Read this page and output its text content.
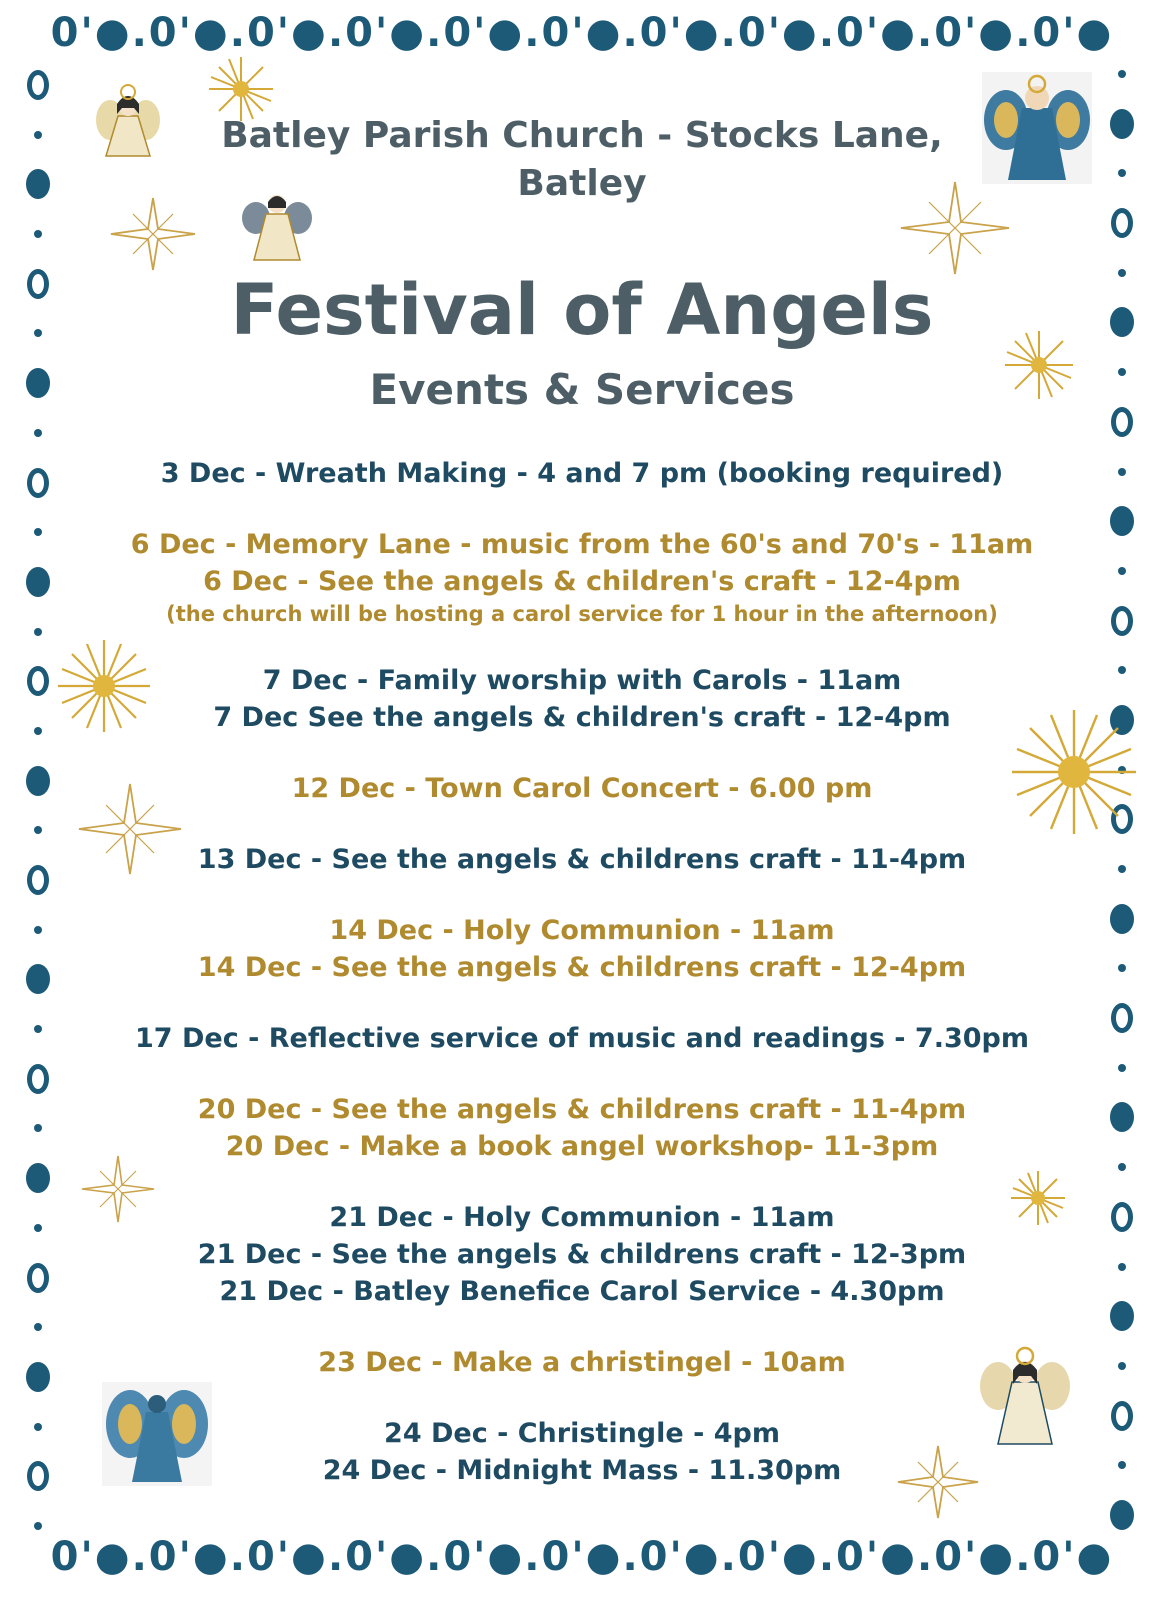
0'●.0'●.0'●.0'●.0'●.0'●.0'●.0'●.0'●.0'●.0'●
0'●.0'●.0'●.0'●.0'●.0'●.0'●.0'●.0'●.0'●.0'●
Batley Parish Church - Stocks Lane,
Batley
Festival of Angels
Events & Services
3 Dec - Wreath Making - 4 and 7 pm (booking required)
6 Dec - Memory Lane - music from the 60's and 70's - 11am
6 Dec - See the angels & children's craft - 12-4pm
(the church will be hosting a carol service for 1 hour in the afternoon)
7 Dec - Family worship with Carols - 11am
7 Dec See the angels & children's craft - 12-4pm
12 Dec - Town Carol Concert - 6.00 pm
13 Dec - See the angels & childrens craft - 11-4pm
14 Dec - Holy Communion - 11am
14 Dec - See the angels & childrens craft - 12-4pm
17 Dec - Reflective service of music and readings - 7.30pm
20 Dec - See the angels & childrens craft - 11-4pm
20 Dec - Make a book angel workshop- 11-3pm
21 Dec - Holy Communion - 11am
21 Dec - See the angels & childrens craft - 12-3pm
21 Dec - Batley Benefice Carol Service - 4.30pm
23 Dec - Make a christingel - 10am
24 Dec - Christingle - 4pm
24 Dec - Midnight Mass - 11.30pm
